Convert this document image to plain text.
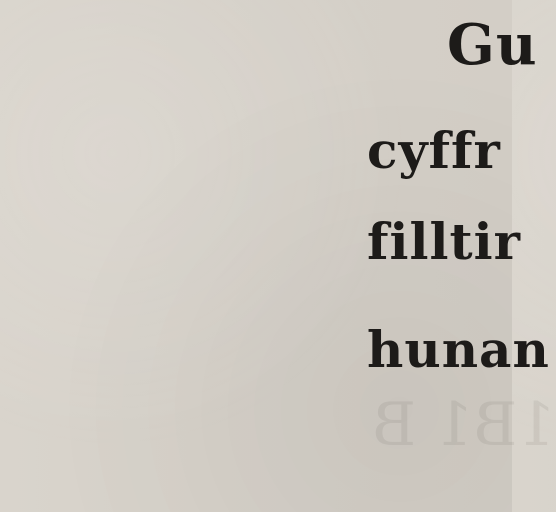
1B1 B
Gu
cyffr
filltir
hunan
